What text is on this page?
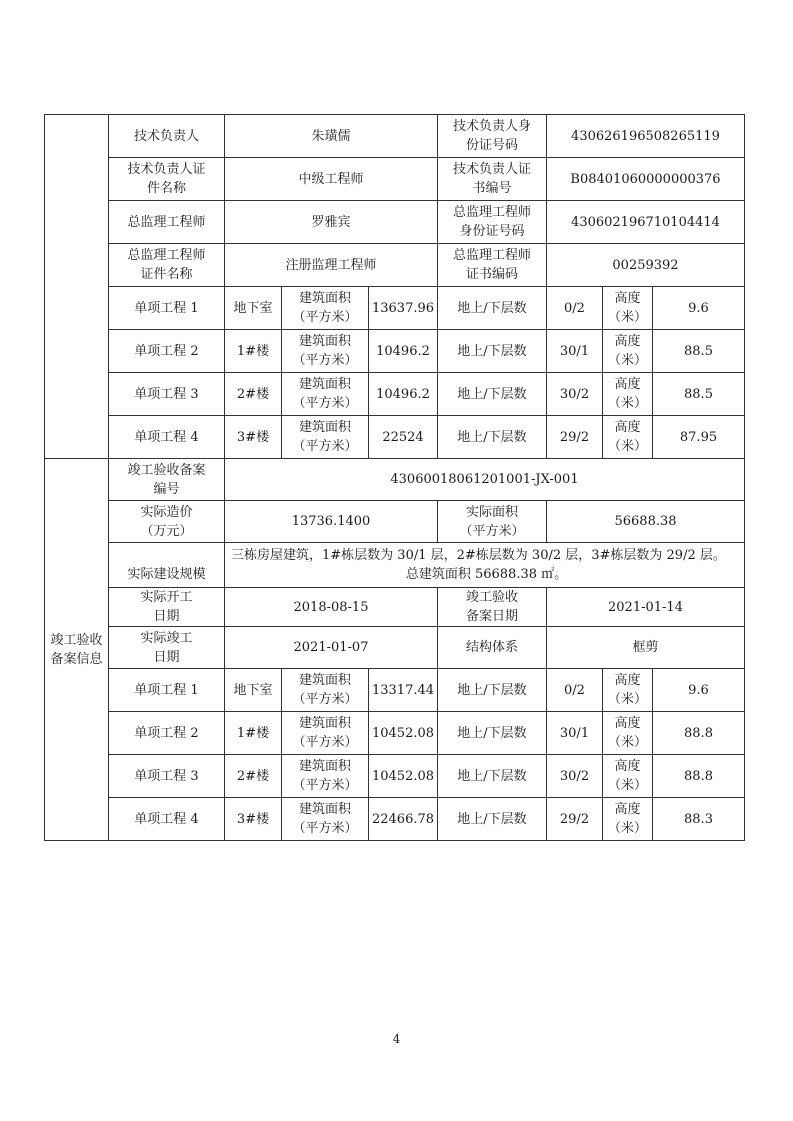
	技术负责人	朱璜儒			技术负责人身
份证号码	430626196508265119		

	技术负责人证
件名称	中级工程师			技术负责人证
书编号	B08401060000000376		
	总监理工程师	罗雅宾			总监理工程师
身份证号码	430602196710104414		

	总监理工程师
证件名称	注册监理工程师			总监理工程师
证书编码	00259392		
	单项工程 1	地下室	建筑面积
（平方米）	13637.96	地上/下层数	0/2	高度
（米）	9.6
	单项工程 2	1#楼	建筑面积
（平方米）	10496.2	地上/下层数	30/1	高度
（米）	88.5
	单项工程 3	2#楼	建筑面积
（平方米）	10496.2	地上/下层数	30/2	高度
（米）	88.5
	单项工程 4	3#楼	建筑面积
（平方米）	22524	地上/下层数	29/2	高度
（米）	87.95

竣工验收
备案信息	竣工验收备案
编号	43060018061201001-JX-001						

	实际造价
（万元）	13736.1400			实际面积
（平方米）	56688.38		
	实际建设规模	三栋房屋建筑，1#栋层数为 30/1 层，2#栋层数为 30/2 层，3#栋层数为 29/2 层。
总建筑面积 56688.38 ㎡。						

	实际开工
日期	2018-08-15			竣工验收
备案日期	2021-01-14		

	实际竣工
日期	2021-01-07			结构体系	框剪		
	单项工程 1	地下室	建筑面积
（平方米）	13317.44	地上/下层数	0/2	高度
（米）	9.6
	单项工程 2	1#楼	建筑面积
（平方米）	10452.08	地上/下层数	30/1	高度
（米）	88.8
	单项工程 3	2#楼	建筑面积
（平方米）	10452.08	地上/下层数	30/2	高度
（米）	88.8
	单项工程 4	3#楼	建筑面积
（平方米）	22466.78	地上/下层数	29/2	高度
（米）	88.3
4
